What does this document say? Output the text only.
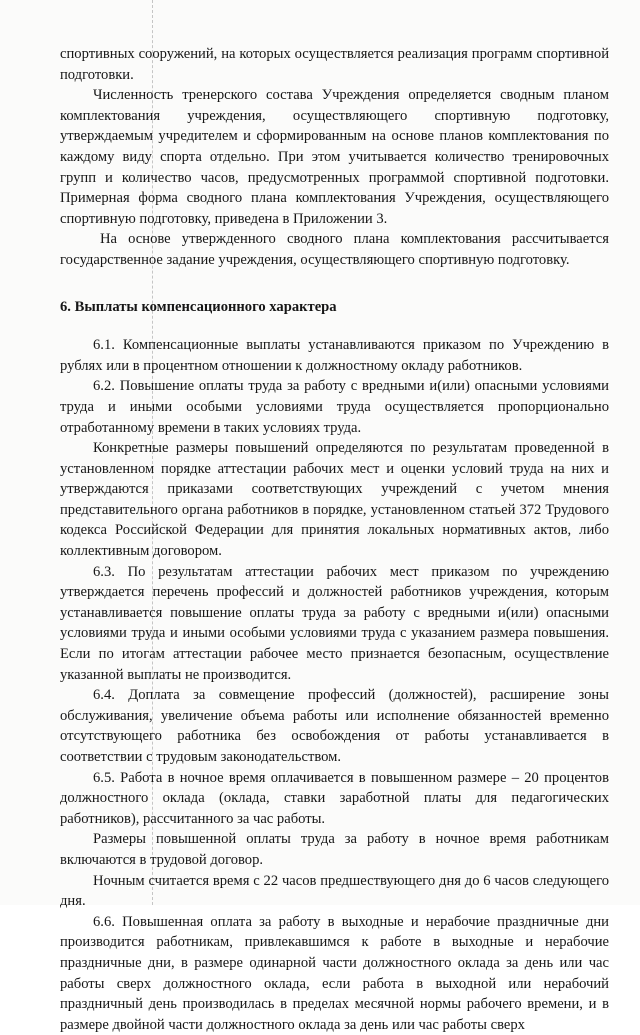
спортивных сооружений, на которых осуществляется реализация программ спортивной подготовки.

Численность тренерского состава Учреждения определяется сводным планом комплектования учреждения, осуществляющего спортивную подготовку, утверждаемым учредителем и сформированным на основе планов комплектования по каждому виду спорта отдельно. При этом учитывается количество тренировочных групп и количество часов, предусмотренных программой спортивной подготовки. Примерная форма сводного плана комплектования Учреждения, осуществляющего спортивную подготовку, приведена в Приложении 3.

На основе утвержденного сводного плана комплектования рассчитывается государственное задание учреждения, осуществляющего спортивную подготовку.

6. Выплаты компенсационного характера

6.1. Компенсационные выплаты устанавливаются приказом по Учреждению в рублях или в процентном отношении к должностному окладу работников.

6.2. Повышение оплаты труда за работу с вредными и(или) опасными условиями труда и иными особыми условиями труда осуществляется пропорционально отработанному времени в таких условиях труда.

Конкретные размеры повышений определяются по результатам проведенной в установленном порядке аттестации рабочих мест и оценки условий труда на них и утверждаются приказами соответствующих учреждений с учетом мнения представительного органа работников в порядке, установленном статьей 372 Трудового кодекса Российской Федерации для принятия локальных нормативных актов, либо коллективным договором.

6.3. По результатам аттестации рабочих мест приказом по учреждению утверждается перечень профессий и должностей работников учреждения, которым устанавливается повышение оплаты труда за работу с вредными и(или) опасными условиями труда и иными особыми условиями труда с указанием размера повышения. Если по итогам аттестации рабочее место признается безопасным, осуществление указанной выплаты не производится.

6.4. Доплата за совмещение профессий (должностей), расширение зоны обслуживания, увеличение объема работы или исполнение обязанностей временно отсутствующего работника без освобождения от работы устанавливается в соответствии с трудовым законодательством.

6.5. Работа в ночное время оплачивается в повышенном размере – 20 процентов должностного оклада (оклада, ставки заработной платы для педагогических работников), рассчитанного за час работы.

Размеры повышенной оплаты труда за работу в ночное время работникам включаются в трудовой договор.

Ночным считается время с 22 часов предшествующего дня до 6 часов следующего дня.

6.6. Повышенная оплата за работу в выходные и нерабочие праздничные дни производится работникам, привлекавшимся к работе в выходные и нерабочие праздничные дни, в размере одинарной части должностного оклада за день или час работы сверх должностного оклада, если работа в выходной или нерабочий праздничный день производилась в пределах месячной нормы рабочего времени, и в размере двойной части должностного оклада за день или час работы сверх
